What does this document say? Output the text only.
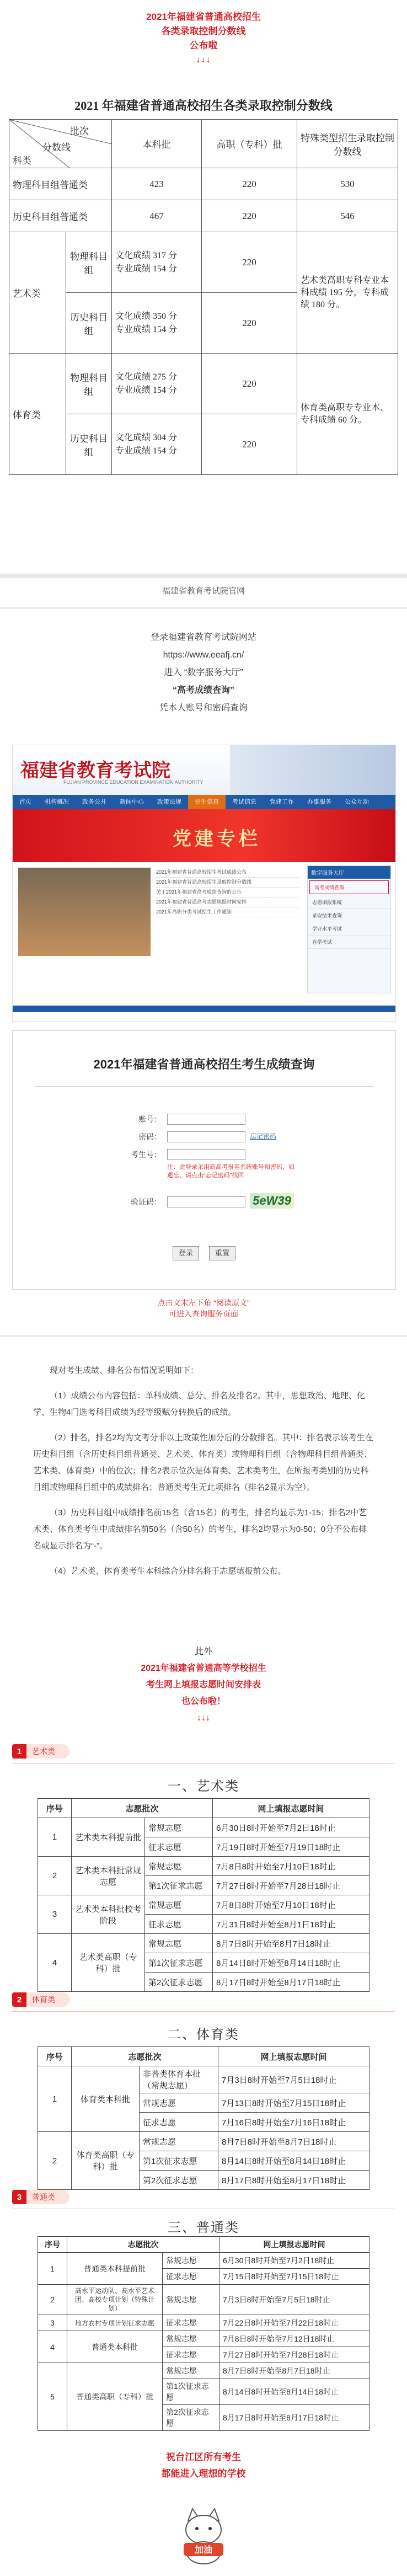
2021年福建省普通高校招生
各类录取控制分数线
公布啦
↓↓↓
2021 年福建省普通高校招生各类录取控制分数线
批次
分数线
科类		本科批	高职（专科）批	特殊类型招生录取控制分数线
物理科目组普通类		423	220	530
历史科目组普通类		467	220	546
艺术类	物理科目组	文化成绩 317 分
专业成绩 154 分	220	艺术类高职专科专业本科成绩 195 分，专科成绩 180 分。
	历史科目组	文化成绩 350 分
专业成绩 154 分	220	
体育类	物理科目组	文化成绩 275 分
专业成绩 154 分	220	体育类高职专专业本、专科成绩 60 分。
	历史科目组	文化成绩 304 分
专业成绩 154 分	220	
福建省教育考试院官网
登录福建省教育考试院网站
https://www.eeafj.cn/
进入 “数字服务大厅”
“高考成绩查询”
凭本人账号和密码查询
福建省教育考试院
FUJIAN PROVINCE EDUCATION EXAMINATION AUTHORITY
首页	机构概况	政务公开	新闻中心	政策法规	招生信息	考试信息	党建工作	办事服务	公众互动
党建专栏
2021年福建省普通高校招生考试成绩公布
2021年福建省普通高校招生录取控制分数线
关于2021年福建省高考成绩查询的公告
2021年福建省普通高考志愿填报时间安排
2021年高职分类考试招生工作通知
数字服务大厅
高考成绩查询
志愿填报系统
录取结果查询
学业水平考试
自学考试
2021年福建省普通高校招生考生成绩查询
账号：
密码：	忘记密码
考生号：
注：此登录采用新高考报名系统账号和密码，如遗忘，请点击“忘记密码”找回
验证码：	5eW39
登录	重置
点击文末左下角 “阅读原文”
可进入查询服务页面

现对考生成绩、排名公布情况说明如下：

（1）成绩公布内容包括：单科成绩、总分、排名及排名2。其中，思想政治、地理、化学、生物4门选考科目成绩为经等级赋分转换后的成绩。

（2）排名，排名2均为文考分非以上政策性加分后的分数排名。其中：排名表示该考生在历史科目组（含历史科目组普通类、艺术类、体育类）或物理科目组（含物理科目组普通类、艺术类、体育类）中的位次；排名2表示位次是体育类、艺术类考生，在所报考类别的历史科目组或物理科目组中的成绩排名；普通类考生无此项排名（排名2显示为空）。

（3）历史科目组中成绩排名前15名（含15名）的考生，排名均显示为1-15；排名2中艺术类、体育类考生中成绩排名前50名（含50名）的考生，排名2均显示为0-50；0分不公布排名或显示排名为“-”。

（4）艺术类、体育类考生本科综合分排名将于志愿填报前公布。

此外
2021年福建省普通高等学校招生
考生网上填报志愿时间安排表
也公布啦！
↓↓↓
1	艺术类
一、艺术类
序号	志愿批次		网上填报志愿时间
1	艺术类本科提前批	常规志愿	6月30日8时开始至7月2日18时止
		征求志愿	7月19日8时开始至7月19日18时止
2	艺术类本科批常规志愿	常规志愿	7月8日8时开始至7月10日18时止
		第1次征求志愿	7月27日8时开始至7月28日18时止
3	艺术类本科批校考阶段	常规志愿	7月8日8时开始至7月10日18时止
		征求志愿	7月31日8时开始至8月1日18时止
4	艺术类高职（专科）批	常规志愿	8月7日8时开始至8月7日18时止
		第1次征求志愿	8月14日8时开始至8月14日18时止
		第2次征求志愿	8月17日8时开始至8月17日18时止
2	体育类
二、体育类
序号	志愿批次		网上填报志愿时间
1	体育类本科批	非普类体育本批（常规志愿）	7月3日8时开始至7月5日18时止
		常规志愿	7月13日8时开始至7月15日18时止
		征求志愿	7月16日8时开始至7月16日18时止
2	体育类高职（专科）批	常规志愿	8月7日8时开始至8月7日18时止
		第1次征求志愿	8月14日8时开始至8月14日18时止
		第2次征求志愿	8月17日8时开始至8月17日18时止
3	普通类
三、普通类
序号	志愿批次		网上填报志愿时间
1	普通类本科提前批	常规志愿	6月30日8时开始至7月2日18时止
		征求志愿	7月15日8时开始至7月15日18时止
2	高水平运动队、高水平艺术团、高校专项计划（特殊计划）	常规志愿	7月3日8时开始至7月5日18时止
3	地方农村专项计划征求志愿	征求志愿	7月22日8时开始至7月22日18时止
4	普通类本科批	常规志愿	7月8日8时开始至7月12日18时止
		征求志愿	7月27日8时开始至7月28日18时止
5	普通类高职（专科）批	常规志愿	8月7日8时开始至8月7日18时止
		第1次征求志愿	8月14日8时开始至8月14日18时止
		第2次征求志愿	8月17日8时开始至8月17日18时止
祝台江区所有考生
都能进入理想的学校
加油
